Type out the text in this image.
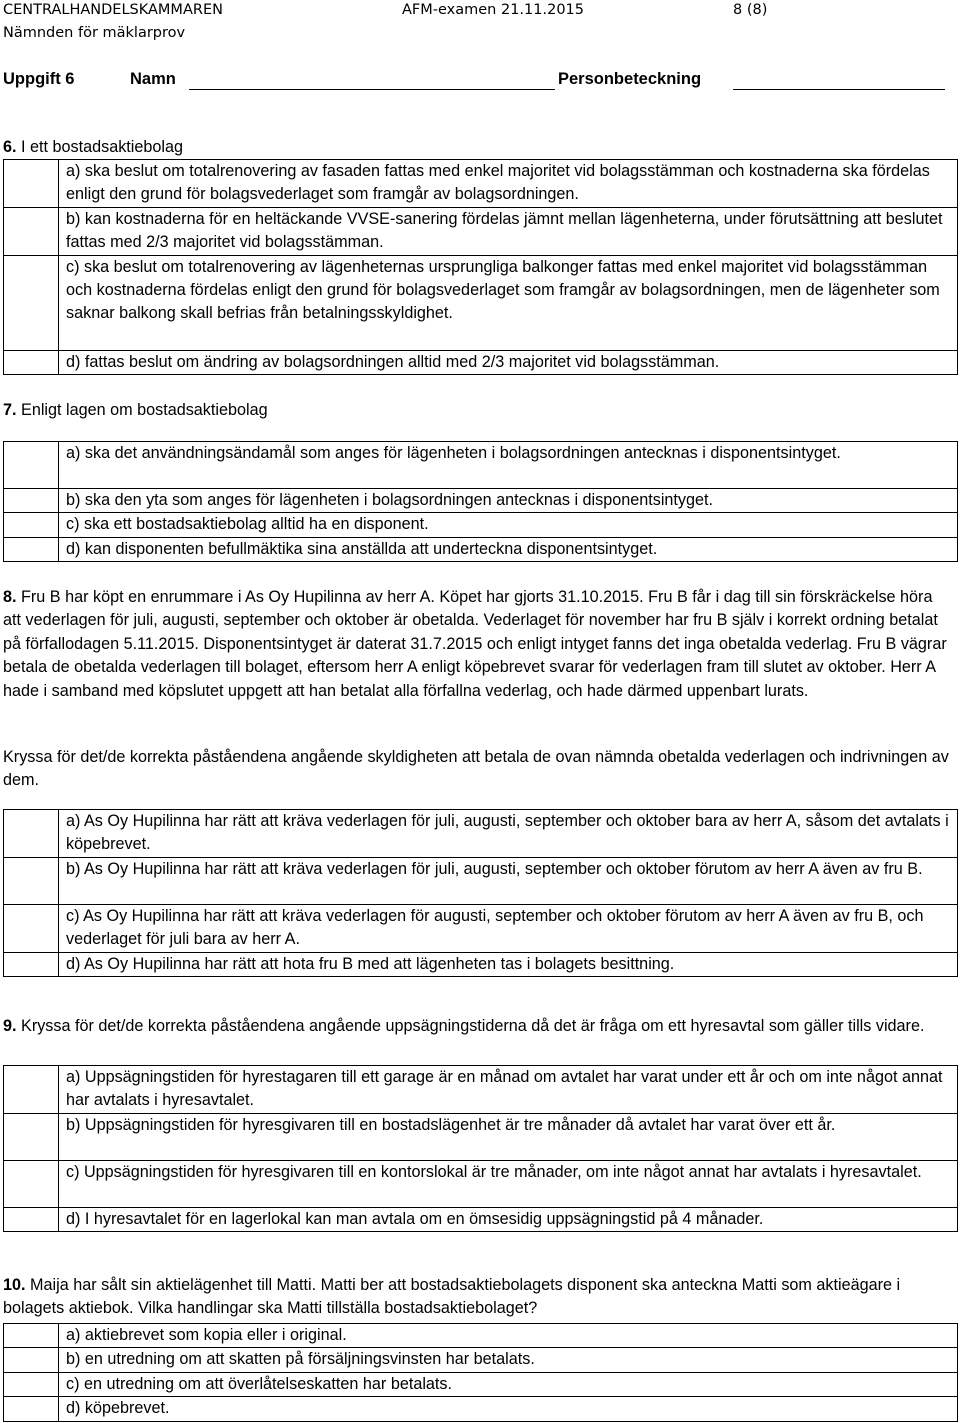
CENTRALHANDELSKAMMAREN
Nämnden för mäklarprov
AFM-examen 21.11.2015	8 (8)
Uppgift 6	Namn	Personbeteckning
6. I ett bostadsaktiebolag
	a) ska beslut om totalrenovering av fasaden fattas med enkel majoritet vid bolagsstämman och kostnaderna ska fördelas enligt den grund för bolagsvederlaget som framgår av bolagsordningen.
	b) kan kostnaderna för en heltäckande VVSE-sanering fördelas jämnt mellan lägenheterna, under förutsättning att beslutet fattas med 2/3 majoritet vid bolagsstämman.
	c) ska beslut om totalrenovering av lägenheternas ursprungliga balkonger fattas med enkel majoritet vid bolagsstämman och kostnaderna fördelas enligt den grund för bolagsvederlaget som framgår av bolagsordningen, men de lägenheter som saknar balkong skall befrias från betalningsskyldighet.
	d) fattas beslut om ändring av bolagsordningen alltid med 2/3 majoritet vid bolagsstämman.
7. Enligt lagen om bostadsaktiebolag
	a) ska det användningsändamål som anges för lägenheten i bolagsordningen antecknas i disponentsintyget.
	b) ska den yta som anges för lägenheten i bolagsordningen antecknas i disponentsintyget.
	c) ska ett bostadsaktiebolag alltid ha en disponent.
	d) kan disponenten befullmäktika sina anställda att underteckna disponentsintyget.
8. Fru B har köpt en enrummare i As Oy Hupilinna av herr A. Köpet har gjorts 31.10.2015. Fru B får i dag till sin förskräckelse höra att vederlagen för juli, augusti, september och oktober är obetalda. Vederlaget för november har fru B själv i korrekt ordning betalat på förfallodagen 5.11.2015. Disponentsintyget är daterat 31.7.2015 och enligt intyget fanns det inga obetalda vederlag. Fru B vägrar betala de obetalda vederlagen till bolaget, eftersom herr A enligt köpebrevet svarar för vederlagen fram till slutet av oktober. Herr A hade i samband med köpslutet uppgett att han betalat alla förfallna vederlag, och hade därmed uppenbart lurats.
Kryssa för det/de korrekta påståendena angående skyldigheten att betala de ovan nämnda obetalda vederlagen och indrivningen av dem.
	a) As Oy Hupilinna har rätt att kräva vederlagen för juli, augusti, september och oktober bara av herr A, såsom det avtalats i köpebrevet.
	b) As Oy Hupilinna har rätt att kräva vederlagen för juli, augusti, september och oktober förutom av herr A även av fru B.
	c) As Oy Hupilinna har rätt att kräva vederlagen för augusti, september och oktober förutom av herr A även av fru B, och vederlaget för juli bara av herr A.
	d) As Oy Hupilinna har rätt att hota fru B med att lägenheten tas i bolagets besittning.
9. Kryssa för det/de korrekta påståendena angående uppsägningstiderna då det är fråga om ett hyresavtal som gäller tills vidare.
	a) Uppsägningstiden för hyrestagaren till ett garage är en månad om avtalet har varat under ett år och om inte något annat har avtalats i hyresavtalet.
	b) Uppsägningstiden för hyresgivaren till en bostadslägenhet är tre månader då avtalet har varat över ett år.
	c) Uppsägningstiden för hyresgivaren till en kontorslokal är tre månader, om inte något annat har avtalats i hyresavtalet.
	d) I hyresavtalet för en lagerlokal kan man avtala om en ömsesidig uppsägningstid på 4 månader.
10. Maija har sålt sin aktielägenhet till Matti. Matti ber att bostadsaktiebolagets disponent ska anteckna Matti som aktieägare i bolagets aktiebok. Vilka handlingar ska Matti tillställa bostadsaktiebolaget?
	a) aktiebrevet som kopia eller i original.
	b) en utredning om att skatten på försäljningsvinsten har betalats.
	c) en utredning om att överlåtelseskatten har betalats.
	d) köpebrevet.
